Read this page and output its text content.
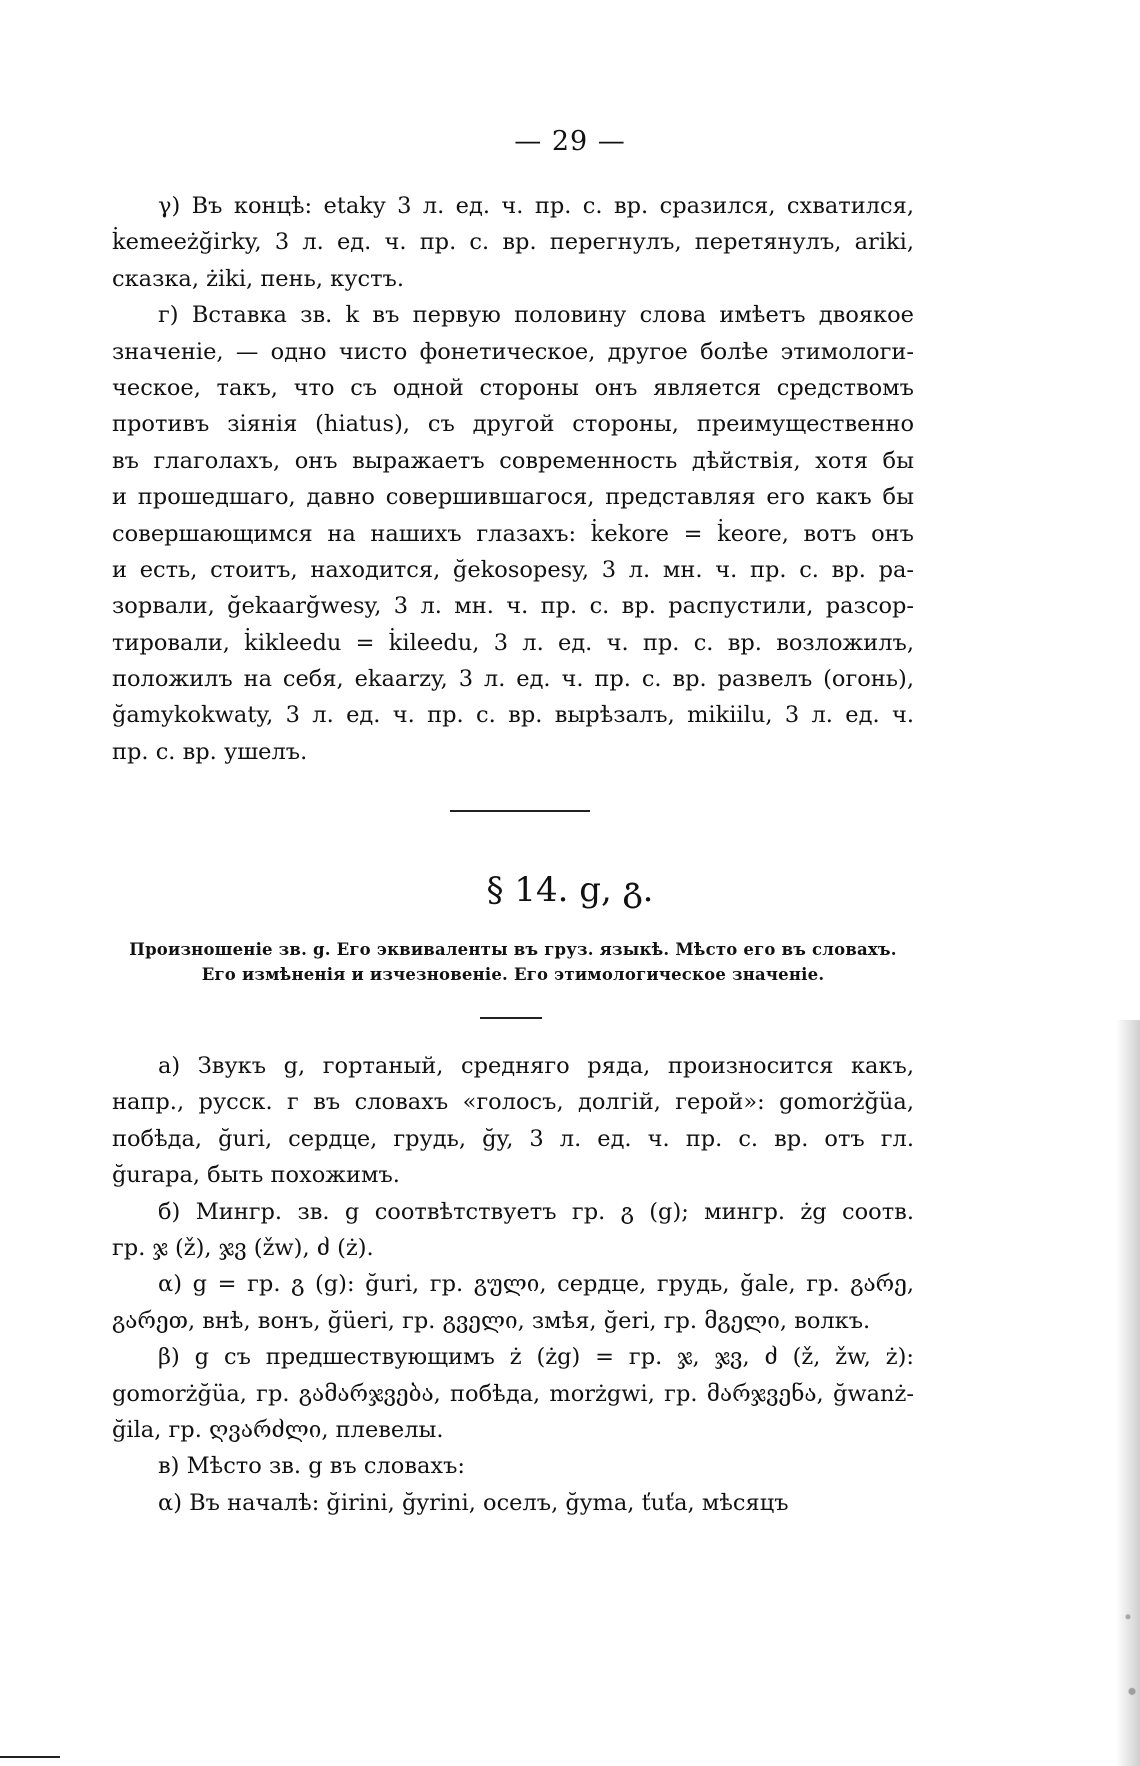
— 29 —
γ) Въ концѣ: etaky 3 л. ед. ч. пр. с. вр. сразился, схватился,
k̇emeeżğirky, 3 л. ед. ч. пр. с. вр. перегнулъ, перетянулъ, ariki,
сказка, żiki, пень, кустъ.
г) Вставка зв. k въ первую половину слова имѣетъ двоякое
значеніе, — одно чисто фонетическое, другое болѣе этимологи-
ческое, такъ, что съ одной стороны онъ является средствомъ
противъ зіянія (hiatus), съ другой стороны, преимущественно
въ глаголахъ, онъ выражаетъ современность дѣйствія, хотя бы
и прошедшаго, давно совершившагося, представляя его какъ бы
совершающимся на нашихъ глазахъ: k̇ekore = k̇eore, вотъ онъ
и есть, стоитъ, находится, ğekosopesy, 3 л. мн. ч. пр. с. вр. ра-
зорвали, ğekaarğwesy, 3 л. мн. ч. пр. с. вр. распустили, разсор-
тировали, k̇ikleedu = k̇ileedu, 3 л. ед. ч. пр. с. вр. возложилъ,
положилъ на себя, ekaarzy, 3 л. ед. ч. пр. с. вр. развелъ (огонь),
ğamykokwaty, 3 л. ед. ч. пр. с. вр. вырѣзалъ, mikiilu, 3 л. ед. ч.
пр. с. вр. ушелъ.
§ 14. g, გ.
Произношеніе зв. g. Его эквиваленты въ груз. языкѣ. Мѣсто его въ словахъ.
Его измѣненія и изчезновеніе. Его этимологическое значеніе.
а) Звукъ g, гортаный, средняго ряда, произносится какъ,
напр., русск. г въ словахъ «голосъ, долгій, герой»: gomorżğüa,
побѣда, ğuri, сердце, грудь, ğy, 3 л. ед. ч. пр. с. вр. отъ гл.
ğurapa, быть похожимъ.
б) Мингр. зв. g соотвѣтствуетъ гр. გ (g); мингр. żg соотв.
гр. ჯ (ž), ჯვ (žw), ძ (ż).
α) g = гр. გ (g): ğuri, гр. გული, сердце, грудь, ğale, гр. გარე,
გარეთ, внѣ, вонъ, ğüeri, гр. გველი, змѣя, ğeri, гр. მგელი, волкъ.
β) g съ предшествующимъ ż (żg) = гр. ჯ, ჯვ, ძ (ž, žw, ż):
gomorżğüa, гр. გამარჯვება, побѣда, morżgwi, гр. მარჯვენა, ğwanż-
ğila, гр. ღვარძლი, плевелы.
в) Мѣсто зв. g въ словахъ:
α) Въ началѣ: ğirini, ğyrini, оселъ, ğyma, ťuťa, мѣсяцъ
